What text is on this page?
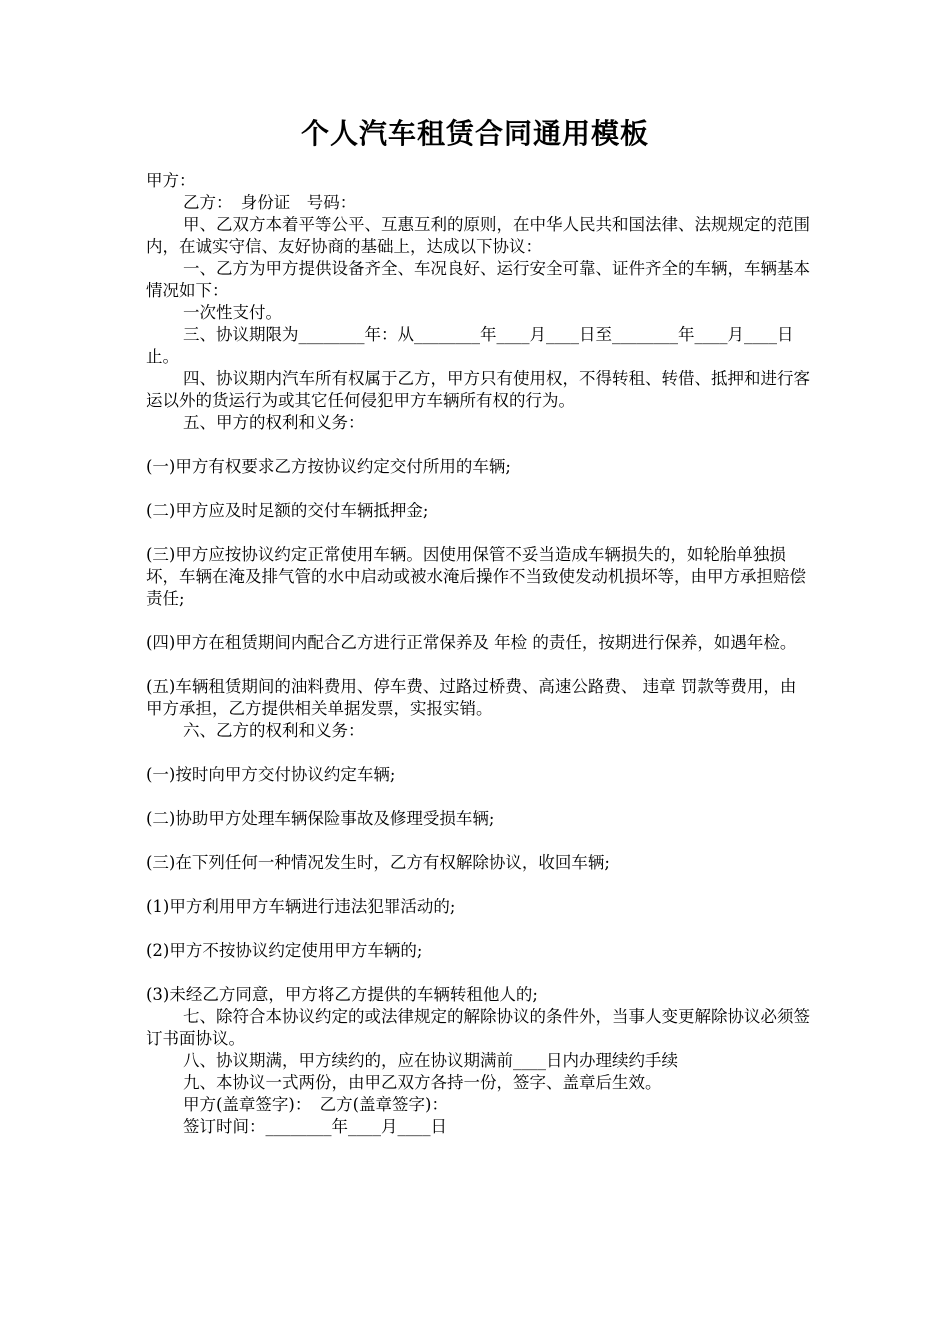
个人汽车租赁合同通用模板

甲方：

乙方：　身份证　号码：

甲、乙双方本着平等公平、互惠互利的原则，在中华人民共和国法律、法规规定的范围内，在诚实守信、友好协商的基础上，达成以下协议：

一、乙方为甲方提供设备齐全、车况良好、运行安全可靠、证件齐全的车辆，车辆基本情况如下：

一次性支付。

三、协议期限为________年：从________年____月____日至________年____月____日止。

四、协议期内汽车所有权属于乙方，甲方只有使用权，不得转租、转借、抵押和进行客运以外的货运行为或其它任何侵犯甲方车辆所有权的行为。

五、甲方的权利和义务：

(一)甲方有权要求乙方按协议约定交付所用的车辆;

(二)甲方应及时足额的交付车辆抵押金;

(三)甲方应按协议约定正常使用车辆。因使用保管不妥当造成车辆损失的，如轮胎单独损坏，车辆在淹及排气管的水中启动或被水淹后操作不当致使发动机损坏等，由甲方承担赔偿责任;

(四)甲方在租赁期间内配合乙方进行正常保养及 年检 的责任，按期进行保养，如遇年检。

(五)车辆租赁期间的油料费用、停车费、过路过桥费、高速公路费、 违章 罚款等费用，由甲方承担，乙方提供相关单据发票，实报实销。

六、乙方的权利和义务：

(一)按时向甲方交付协议约定车辆;

(二)协助甲方处理车辆保险事故及修理受损车辆;

(三)在下列任何一种情况发生时，乙方有权解除协议，收回车辆;

(1)甲方利用甲方车辆进行违法犯罪活动的;

(2)甲方不按协议约定使用甲方车辆的;

(3)未经乙方同意，甲方将乙方提供的车辆转租他人的;

七、除符合本协议约定的或法律规定的解除协议的条件外，当事人变更解除协议必须签订书面协议。

八、协议期满，甲方续约的，应在协议期满前____日内办理续约手续

九、本协议一式两份，由甲乙双方各持一份，签字、盖章后生效。

甲方(盖章签字)：　乙方(盖章签字)：

签订时间：________年____月____日
